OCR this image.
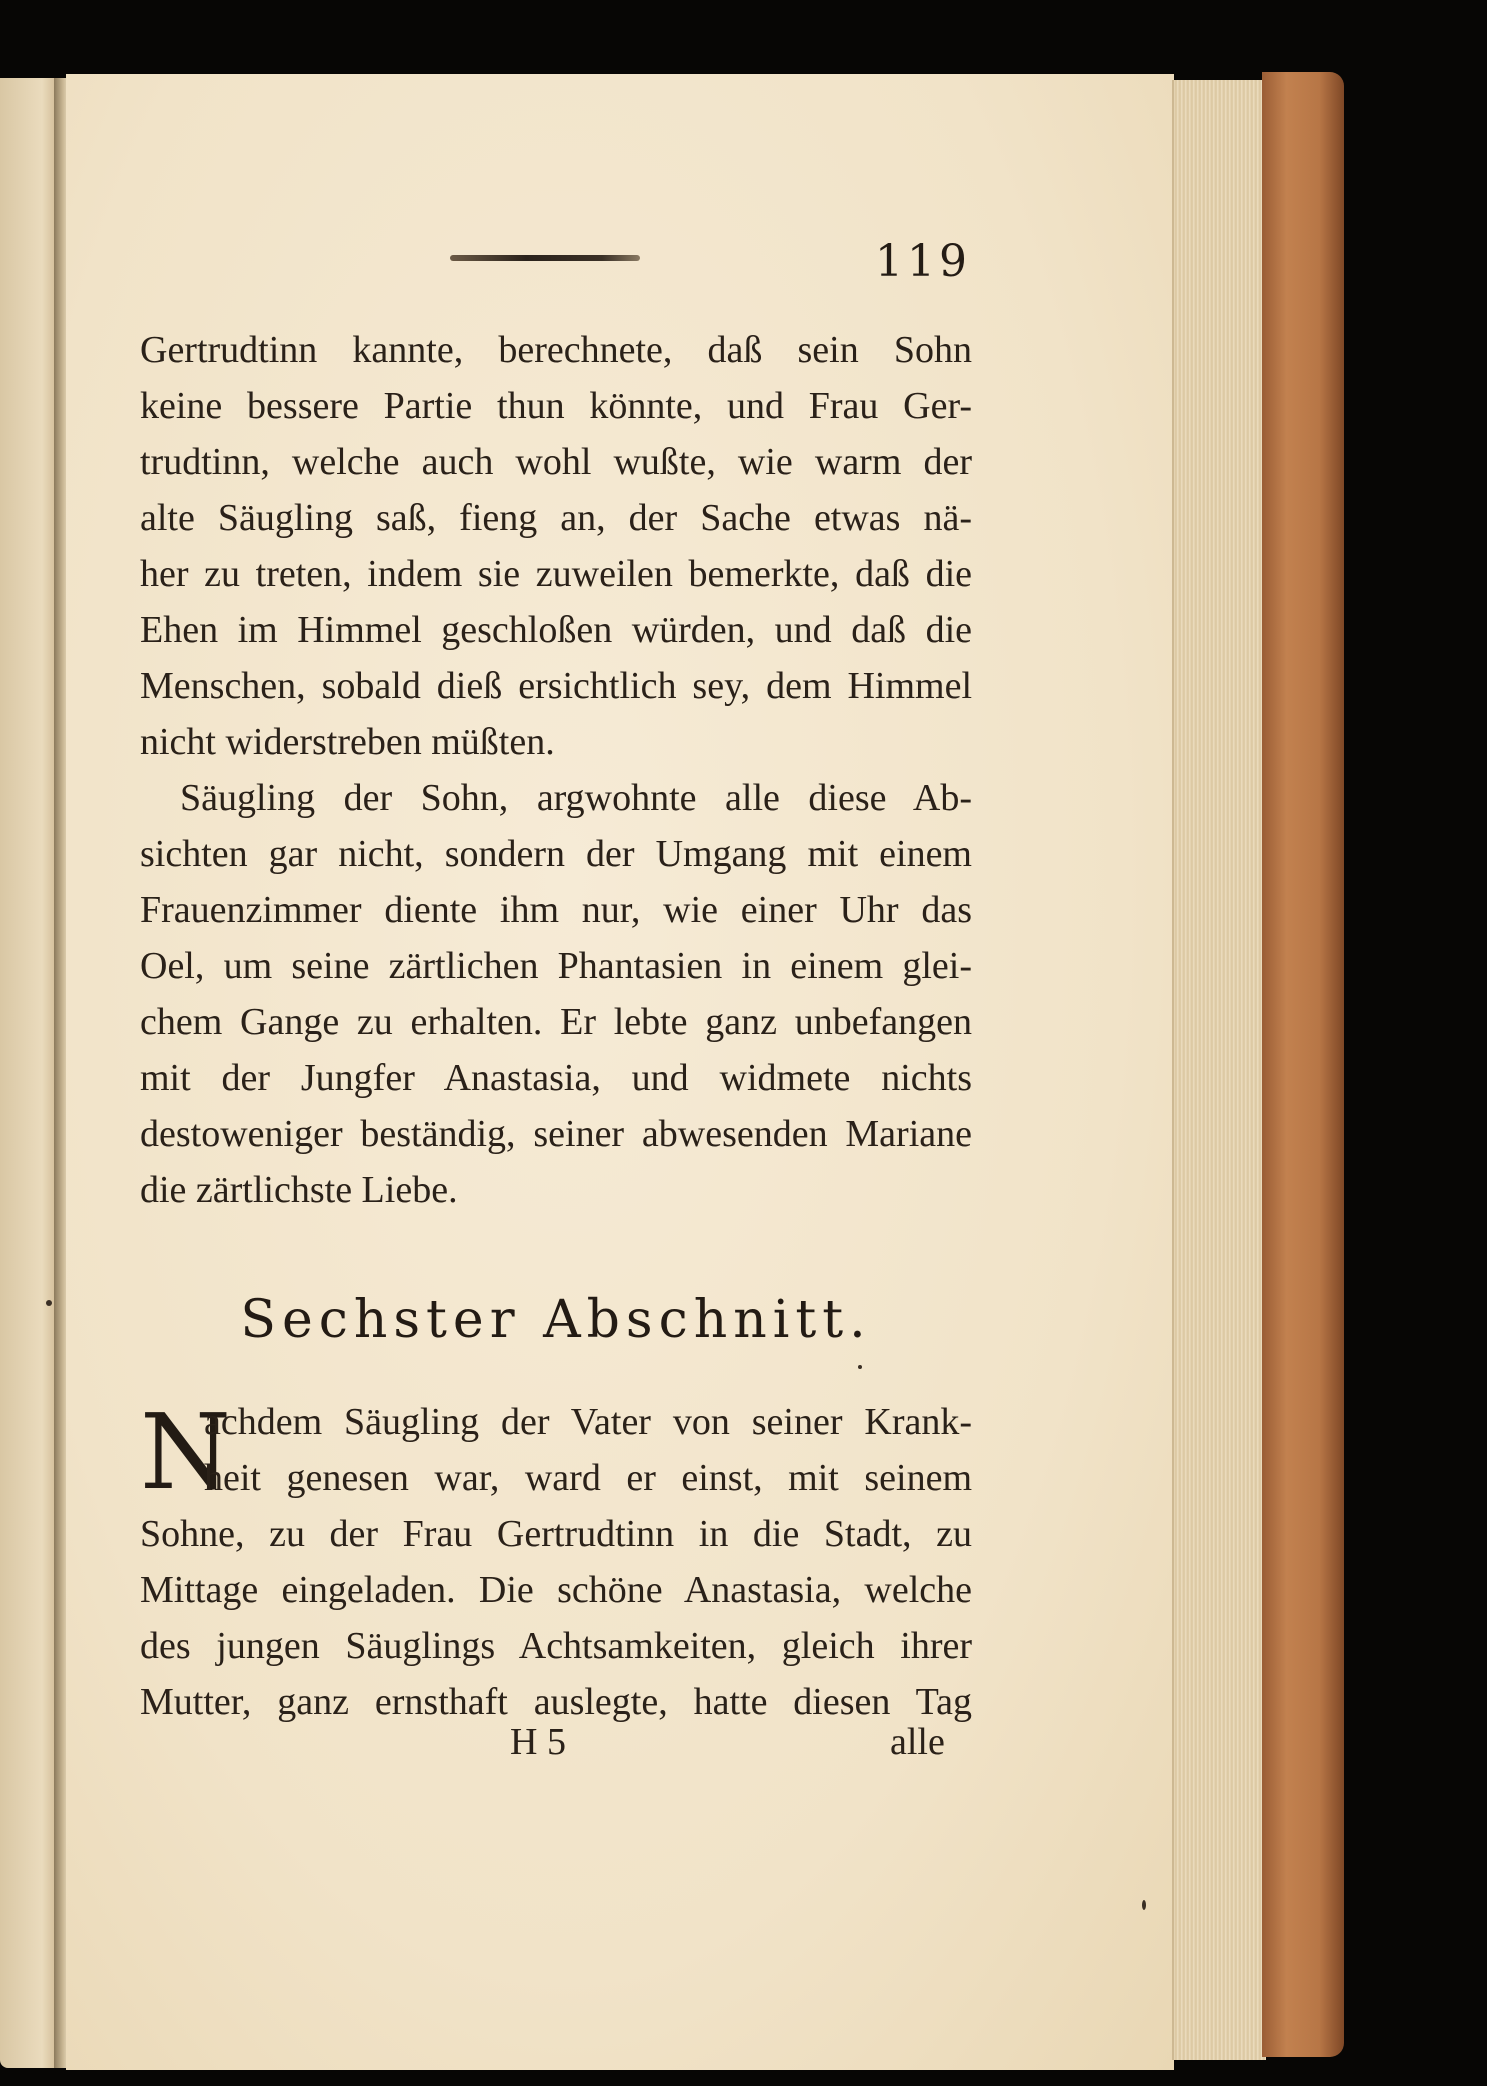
119
Gertrudtinn kannte, berechnete, daß sein Sohn
keine bessere Partie thun könnte, und Frau Ger-
trudtinn, welche auch wohl wußte, wie warm der
alte Säugling saß, fieng an, der Sache etwas nä-
her zu treten, indem sie zuweilen bemerkte, daß die
Ehen im Himmel geschloßen würden, und daß die
Menschen, sobald dieß ersichtlich sey, dem Himmel
nicht widerstreben müßten.
Säugling der Sohn, argwohnte alle diese Ab-
sichten gar nicht, sondern der Umgang mit einem
Frauenzimmer diente ihm nur, wie einer Uhr das
Oel, um seine zärtlichen Phantasien in einem glei-
chem Gange zu erhalten. Er lebte ganz unbefangen
mit der Jungfer Anastasia, und widmete nichts
destoweniger beständig, seiner abwesenden Mariane
die zärtlichste Liebe.
Sechster Abschnitt.
N
achdem Säugling der Vater von seiner Krank-
heit genesen war, ward er einst, mit seinem
Sohne, zu der Frau Gertrudtinn in die Stadt, zu
Mittage eingeladen. Die schöne Anastasia, welche
des jungen Säuglings Achtsamkeiten, gleich ihrer
Mutter, ganz ernsthaft auslegte, hatte diesen Tag
H 5	alle
